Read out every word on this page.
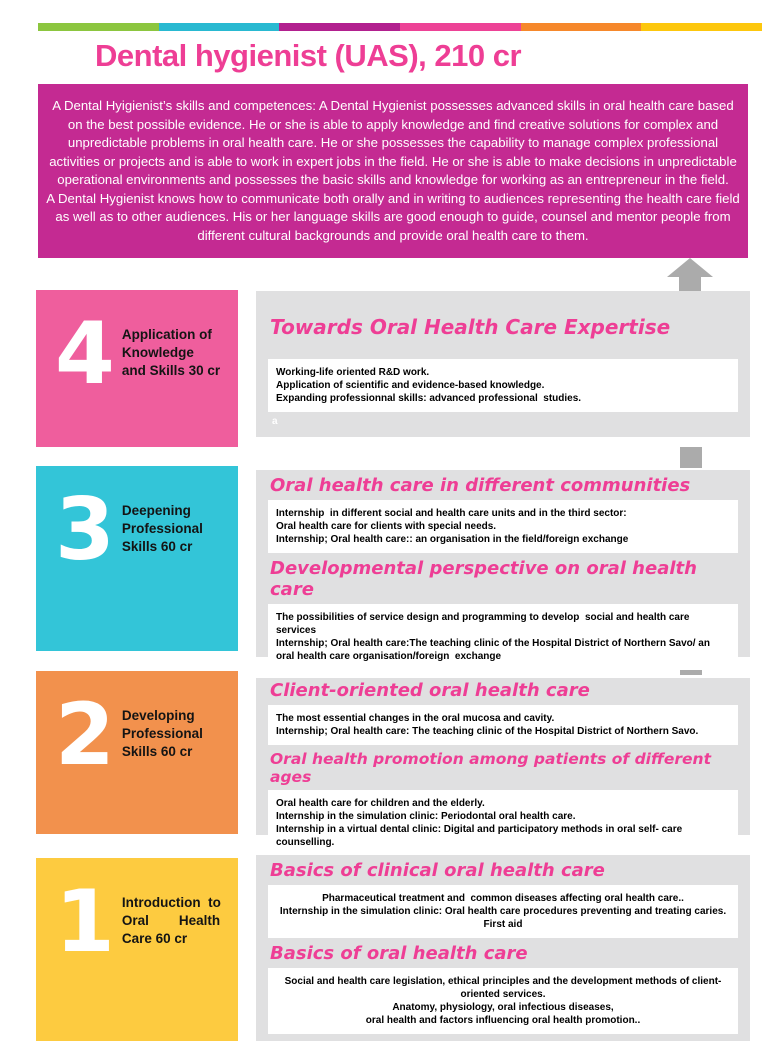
Dental hygienist (UAS), 210 cr

A Dental Hyigienist’s skills and competences: A Dental Hygienist possesses advanced skills in oral health care based on the best possible evidence. He or she is able to apply knowledge and find creative solutions for complex and unpredictable problems in oral health care. He or she possesses the capability to manage complex professional activities or projects and is able to work in expert jobs in the field. He or she is able to make decisions in unpredictable operational environments and possesses the basic skills and knowledge for working as an entrepreneur in the field.

A Dental Hygienist knows how to communicate both orally and in writing to audiences representing the health care field as well as to other audiences. His or her language skills are good enough to guide, counsel and mentor people from different cultural backgrounds and provide oral health care to them.

4 Application of
Knowledge
and Skills 30 cr
Towards Oral Health Care Expertise
Working-life oriented R&D work.
Application of scientific and evidence-based knowledge.
Expanding professionnal skills: advanced professional  studies.
a
3 Deepening
Professional
Skills 60 cr
Oral health care in different communities
Internship  in different social and health care units and in the third sector:
Oral health care for clients with special needs.
Internship; Oral health care:: an organisation in the field/foreign exchange
Developmental perspective on oral health care
The possibilities of service design and programming to develop  social and health care services
Internship; Oral health care:The teaching clinic of the Hospital District of Northern Savo/ an oral health care organisation/foreign  exchange
2 Developing
Professional
Skills 60 cr
Client-oriented oral health care
The most essential changes in the oral mucosa and cavity.
Internship; Oral health care: The teaching clinic of the Hospital District of Northern Savo.
Oral health promotion among patients of different ages
Oral health care for children and the elderly.
Internship in the simulation clinic: Periodontal oral health care.
Internship in a virtual dental clinic: Digital and participatory methods in oral self- care counselling.
1 Introduction  to
Oral        Health
Care 60 cr
Basics of clinical oral health care
Pharmaceutical treatment and  common diseases affecting oral health care..
Internship in the simulation clinic: Oral health care procedures preventing and treating caries. First aid
Basics of oral health care
Social and health care legislation, ethical principles and the development methods of client-oriented services.
Anatomy, physiology, oral infectious diseases,
oral health and factors influencing oral health promotion..
